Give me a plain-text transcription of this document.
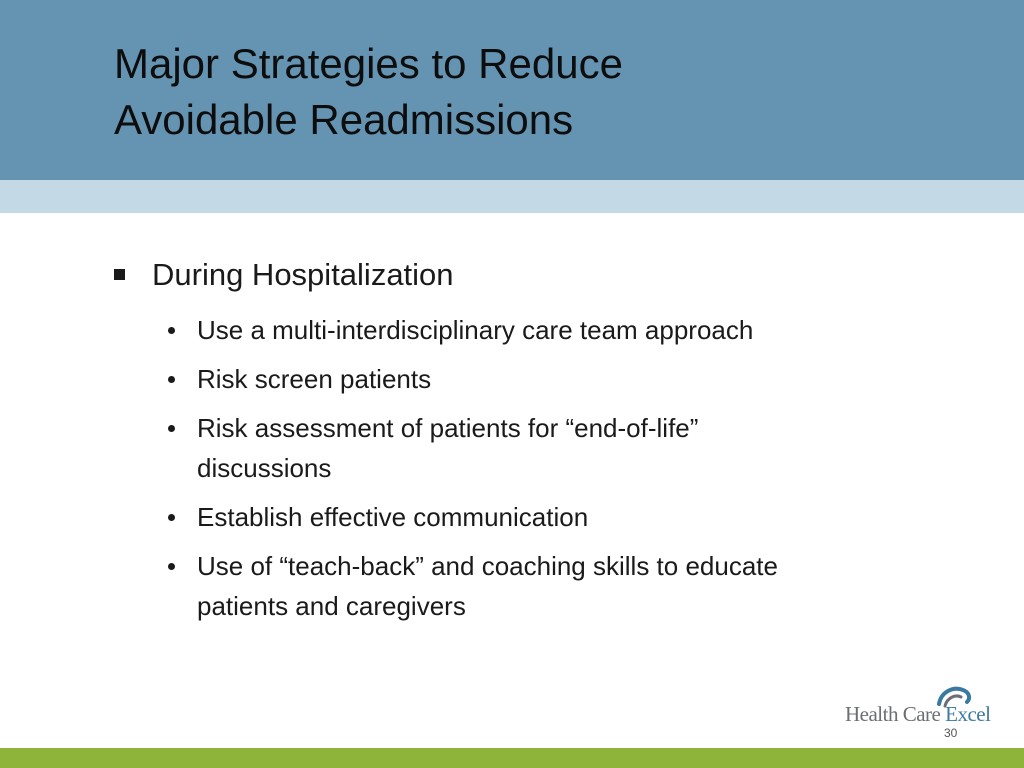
Major Strategies to Reduce
Avoidable Readmissions
During Hospitalization
Use a multi-interdisciplinary care team approach
Risk screen patients
Risk assessment of patients for “end-of-life” discussions
Establish effective communication
Use of “teach-back” and coaching skills to educate patients and caregivers
Health Care Excel
30
